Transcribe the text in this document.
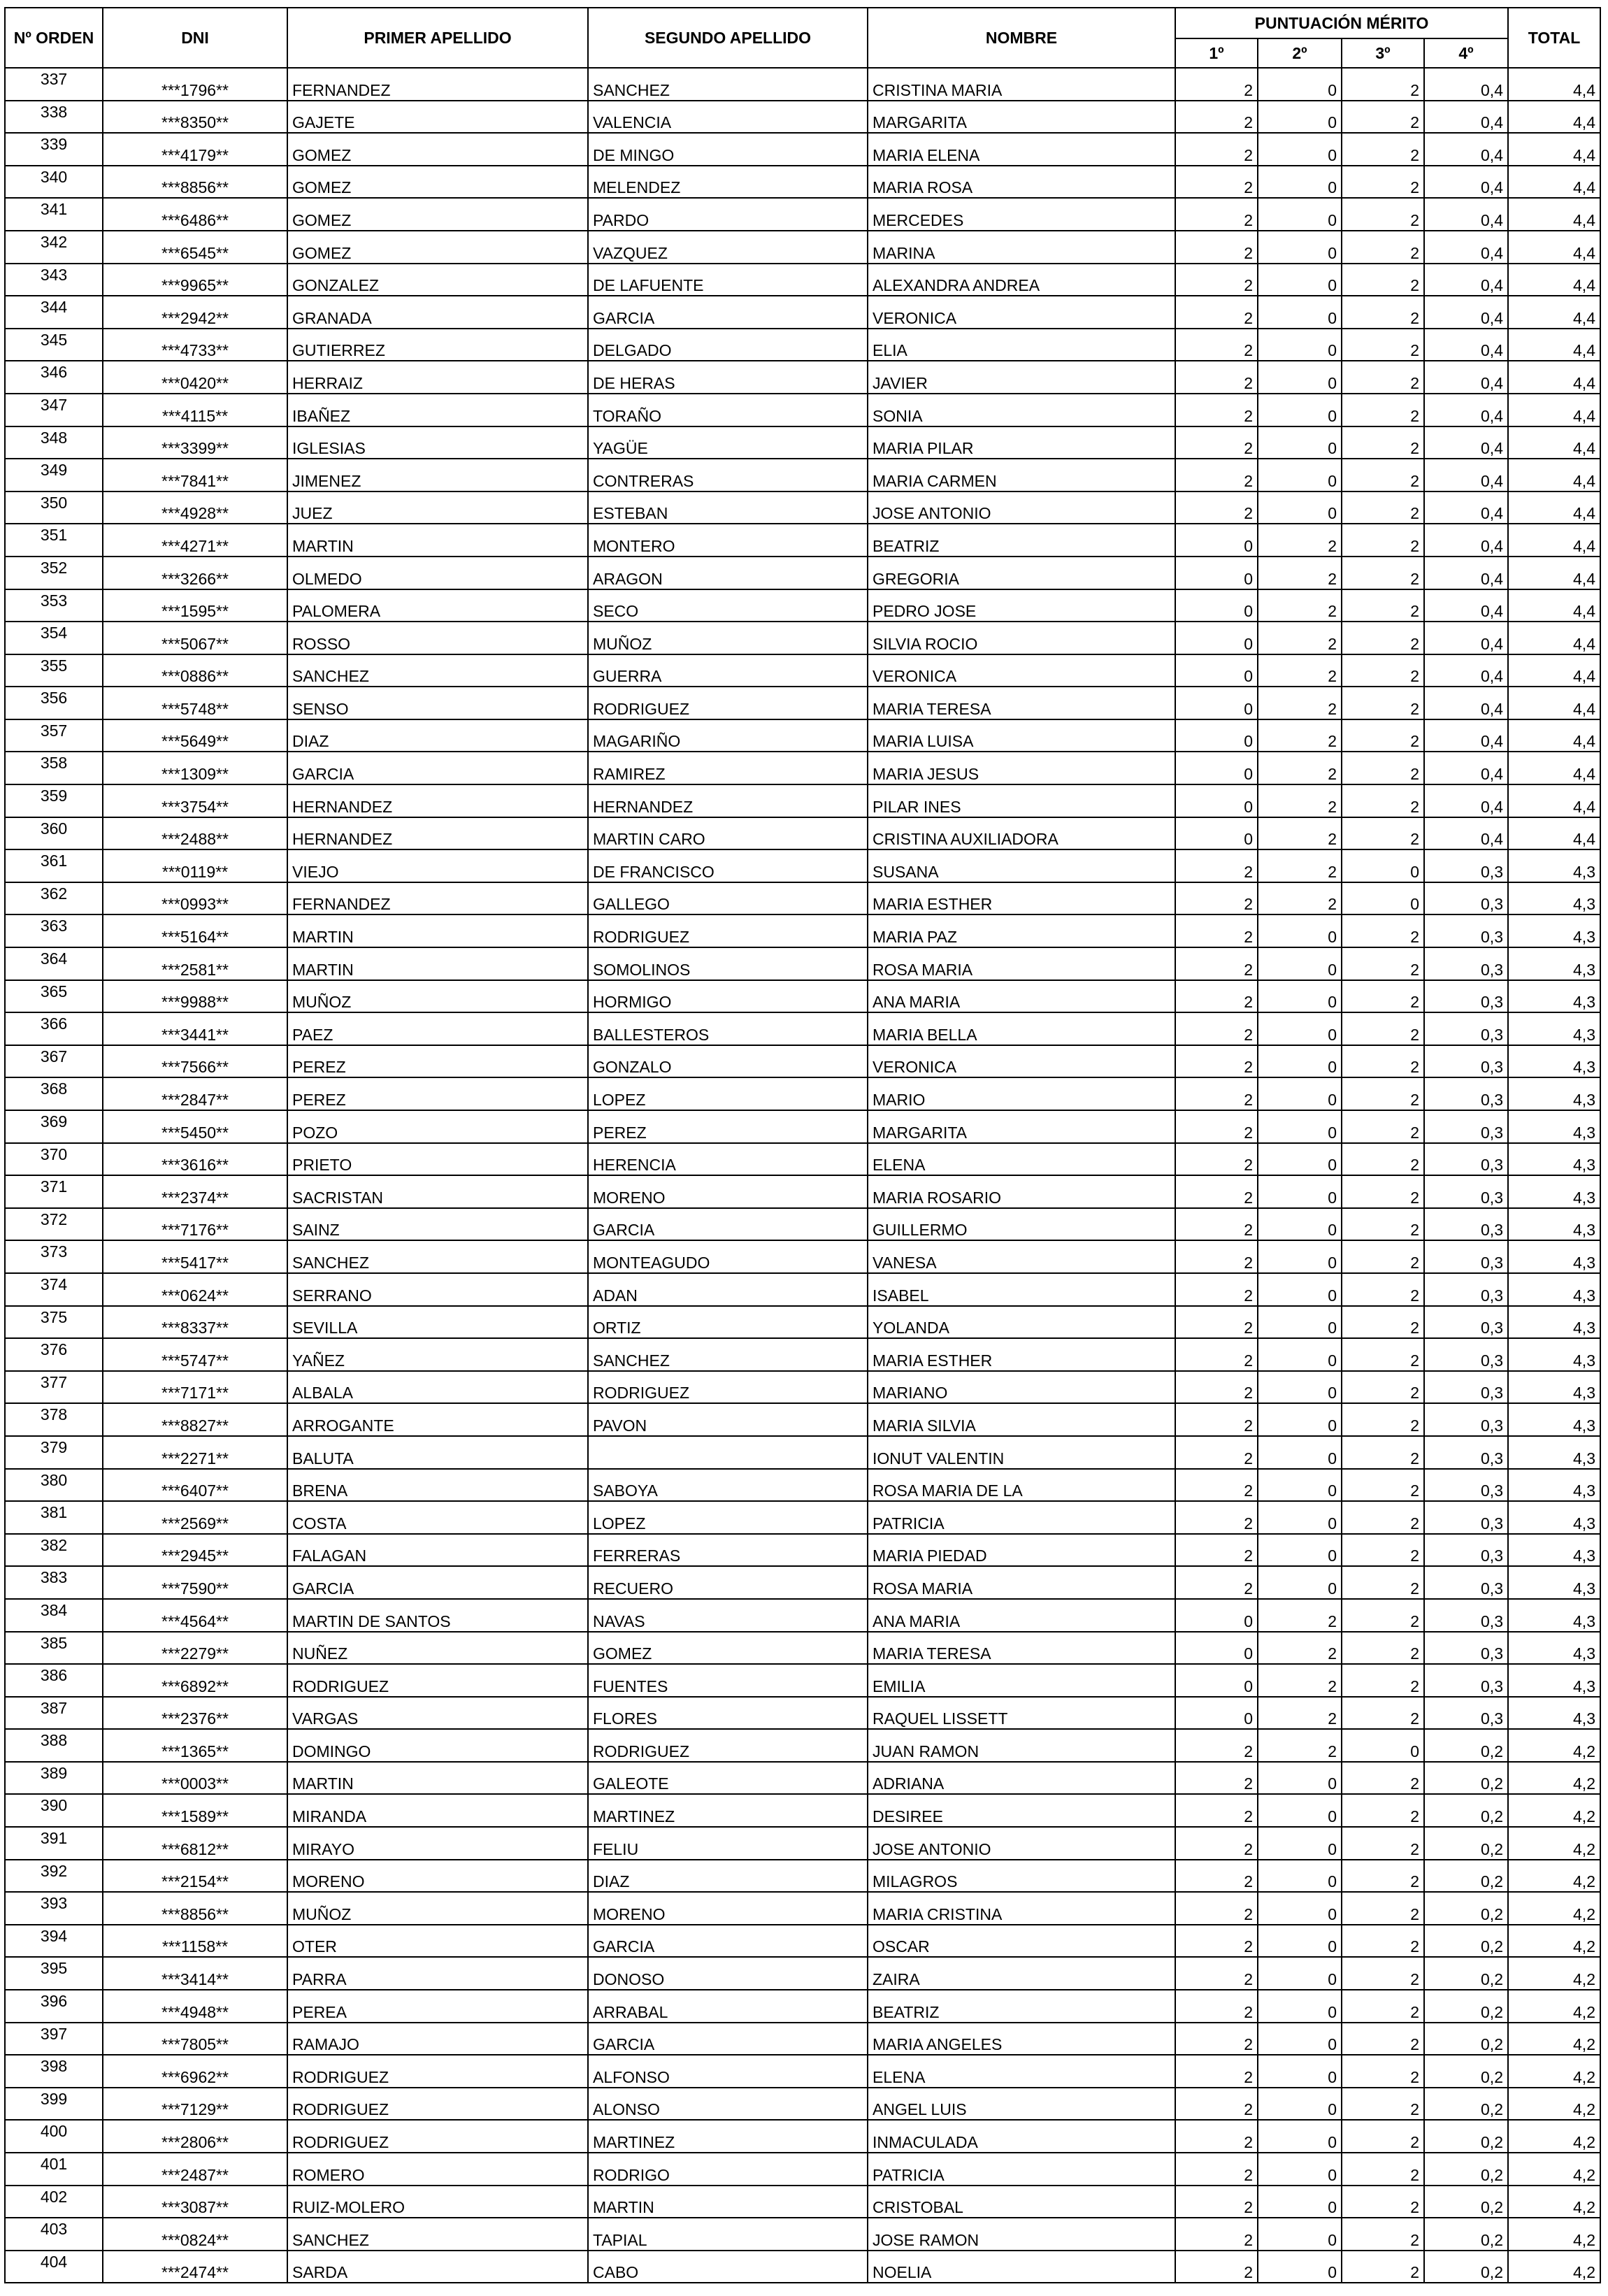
Nº ORDEN	DNI	PRIMER APELLIDO	SEGUNDO APELLIDO	NOMBRE	PUNTUACIÓN MÉRITO				TOTAL
					1º	2º	3º	4º	
337	***1796**	FERNANDEZ	SANCHEZ	CRISTINA MARIA	2	0	2	0,4	4,4
338	***8350**	GAJETE	VALENCIA	MARGARITA	2	0	2	0,4	4,4
339	***4179**	GOMEZ	DE MINGO	MARIA ELENA	2	0	2	0,4	4,4
340	***8856**	GOMEZ	MELENDEZ	MARIA ROSA	2	0	2	0,4	4,4
341	***6486**	GOMEZ	PARDO	MERCEDES	2	0	2	0,4	4,4
342	***6545**	GOMEZ	VAZQUEZ	MARINA	2	0	2	0,4	4,4
343	***9965**	GONZALEZ	DE LAFUENTE	ALEXANDRA ANDREA	2	0	2	0,4	4,4
344	***2942**	GRANADA	GARCIA	VERONICA	2	0	2	0,4	4,4
345	***4733**	GUTIERREZ	DELGADO	ELIA	2	0	2	0,4	4,4
346	***0420**	HERRAIZ	DE HERAS	JAVIER	2	0	2	0,4	4,4
347	***4115**	IBAÑEZ	TORAÑO	SONIA	2	0	2	0,4	4,4
348	***3399**	IGLESIAS	YAGÜE	MARIA PILAR	2	0	2	0,4	4,4
349	***7841**	JIMENEZ	CONTRERAS	MARIA CARMEN	2	0	2	0,4	4,4
350	***4928**	JUEZ	ESTEBAN	JOSE ANTONIO	2	0	2	0,4	4,4
351	***4271**	MARTIN	MONTERO	BEATRIZ	0	2	2	0,4	4,4
352	***3266**	OLMEDO	ARAGON	GREGORIA	0	2	2	0,4	4,4
353	***1595**	PALOMERA	SECO	PEDRO JOSE	0	2	2	0,4	4,4
354	***5067**	ROSSO	MUÑOZ	SILVIA ROCIO	0	2	2	0,4	4,4
355	***0886**	SANCHEZ	GUERRA	VERONICA	0	2	2	0,4	4,4
356	***5748**	SENSO	RODRIGUEZ	MARIA TERESA	0	2	2	0,4	4,4
357	***5649**	DIAZ	MAGARIÑO	MARIA LUISA	0	2	2	0,4	4,4
358	***1309**	GARCIA	RAMIREZ	MARIA JESUS	0	2	2	0,4	4,4
359	***3754**	HERNANDEZ	HERNANDEZ	PILAR INES	0	2	2	0,4	4,4
360	***2488**	HERNANDEZ	MARTIN CARO	CRISTINA AUXILIADORA	0	2	2	0,4	4,4
361	***0119**	VIEJO	DE FRANCISCO	SUSANA	2	2	0	0,3	4,3
362	***0993**	FERNANDEZ	GALLEGO	MARIA ESTHER	2	2	0	0,3	4,3
363	***5164**	MARTIN	RODRIGUEZ	MARIA PAZ	2	0	2	0,3	4,3
364	***2581**	MARTIN	SOMOLINOS	ROSA MARIA	2	0	2	0,3	4,3
365	***9988**	MUÑOZ	HORMIGO	ANA MARIA	2	0	2	0,3	4,3
366	***3441**	PAEZ	BALLESTEROS	MARIA BELLA	2	0	2	0,3	4,3
367	***7566**	PEREZ	GONZALO	VERONICA	2	0	2	0,3	4,3
368	***2847**	PEREZ	LOPEZ	MARIO	2	0	2	0,3	4,3
369	***5450**	POZO	PEREZ	MARGARITA	2	0	2	0,3	4,3
370	***3616**	PRIETO	HERENCIA	ELENA	2	0	2	0,3	4,3
371	***2374**	SACRISTAN	MORENO	MARIA ROSARIO	2	0	2	0,3	4,3
372	***7176**	SAINZ	GARCIA	GUILLERMO	2	0	2	0,3	4,3
373	***5417**	SANCHEZ	MONTEAGUDO	VANESA	2	0	2	0,3	4,3
374	***0624**	SERRANO	ADAN	ISABEL	2	0	2	0,3	4,3
375	***8337**	SEVILLA	ORTIZ	YOLANDA	2	0	2	0,3	4,3
376	***5747**	YAÑEZ	SANCHEZ	MARIA ESTHER	2	0	2	0,3	4,3
377	***7171**	ALBALA	RODRIGUEZ	MARIANO	2	0	2	0,3	4,3
378	***8827**	ARROGANTE	PAVON	MARIA SILVIA	2	0	2	0,3	4,3
379	***2271**	BALUTA		IONUT VALENTIN	2	0	2	0,3	4,3
380	***6407**	BRENA	SABOYA	ROSA MARIA DE LA	2	0	2	0,3	4,3
381	***2569**	COSTA	LOPEZ	PATRICIA	2	0	2	0,3	4,3
382	***2945**	FALAGAN	FERRERAS	MARIA PIEDAD	2	0	2	0,3	4,3
383	***7590**	GARCIA	RECUERO	ROSA MARIA	2	0	2	0,3	4,3
384	***4564**	MARTIN DE SANTOS	NAVAS	ANA MARIA	0	2	2	0,3	4,3
385	***2279**	NUÑEZ	GOMEZ	MARIA TERESA	0	2	2	0,3	4,3
386	***6892**	RODRIGUEZ	FUENTES	EMILIA	0	2	2	0,3	4,3
387	***2376**	VARGAS	FLORES	RAQUEL LISSETT	0	2	2	0,3	4,3
388	***1365**	DOMINGO	RODRIGUEZ	JUAN RAMON	2	2	0	0,2	4,2
389	***0003**	MARTIN	GALEOTE	ADRIANA	2	0	2	0,2	4,2
390	***1589**	MIRANDA	MARTINEZ	DESIREE	2	0	2	0,2	4,2
391	***6812**	MIRAYO	FELIU	JOSE ANTONIO	2	0	2	0,2	4,2
392	***2154**	MORENO	DIAZ	MILAGROS	2	0	2	0,2	4,2
393	***8856**	MUÑOZ	MORENO	MARIA CRISTINA	2	0	2	0,2	4,2
394	***1158**	OTER	GARCIA	OSCAR	2	0	2	0,2	4,2
395	***3414**	PARRA	DONOSO	ZAIRA	2	0	2	0,2	4,2
396	***4948**	PEREA	ARRABAL	BEATRIZ	2	0	2	0,2	4,2
397	***7805**	RAMAJO	GARCIA	MARIA ANGELES	2	0	2	0,2	4,2
398	***6962**	RODRIGUEZ	ALFONSO	ELENA	2	0	2	0,2	4,2
399	***7129**	RODRIGUEZ	ALONSO	ANGEL LUIS	2	0	2	0,2	4,2
400	***2806**	RODRIGUEZ	MARTINEZ	INMACULADA	2	0	2	0,2	4,2
401	***2487**	ROMERO	RODRIGO	PATRICIA	2	0	2	0,2	4,2
402	***3087**	RUIZ-MOLERO	MARTIN	CRISTOBAL	2	0	2	0,2	4,2
403	***0824**	SANCHEZ	TAPIAL	JOSE RAMON	2	0	2	0,2	4,2
404	***2474**	SARDA	CABO	NOELIA	2	0	2	0,2	4,2
